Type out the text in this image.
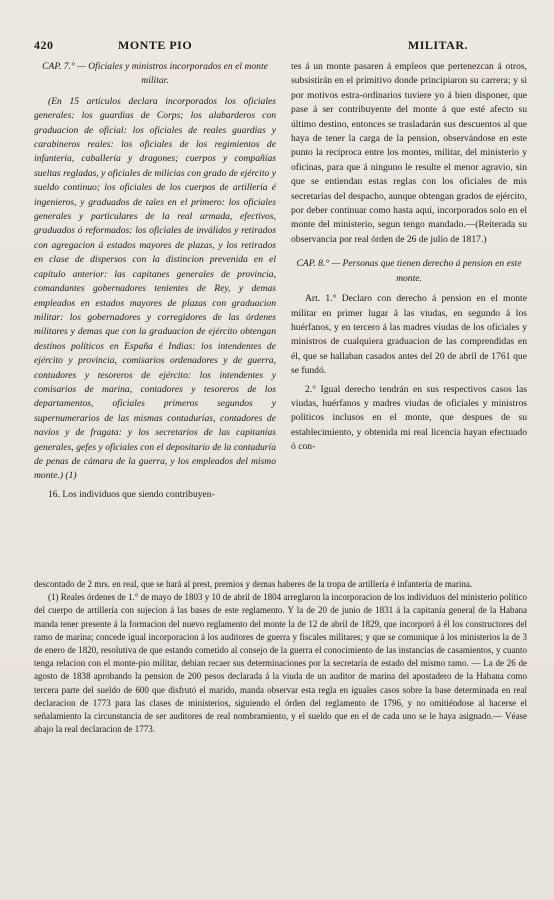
420	MONTE PIO	MILITAR.

CAP. 7.° — Oficiales y ministros incorporados en el monte militar.

(En 15 artículos declara incorporados los oficiales generales: los guardias de Corps; los alabarderos con graduacion de oficial: los oficiales de reales guardias y carabineros reales: los oficiales de los regimientos de infantería, caballería y dragones; cuerpos y compañías sueltas regladas, y oficiales de milicias con grado de ejército y sueldo continuo; los oficiales de los cuerpos de artillería é ingenieros, y graduados de tales en el primero: los oficiales generales y particulares de la real armada, efectivos, graduados ó reformados: los oficiales de inválidos y retirados con agregacion á estados mayores de plazas, y los retirados en clase de dispersos con la distincion prevenida en el capítulo anterior: las capitanes generales de provincia, comandantes gobernadores tenientes de Rey, y demas empleados en estados mayores de plazas con graduacion militar: los gobernadores y corregidores de las órdenes militares y demas que con la graduacion de ejército obtengan destinos políticos en España é Indias: los intendentes de ejército y provincia, comisarios ordenadores y de guerra, contadores y tesoreros de ejército: los intendentes y comisarios de marina, contadores y tesoreros de los departamentos, oficiales primeros segundos y supernumerarios de las mismas contadurías, contadores de navíos y de fragata: y los secretarios de las capitanías generales, gefes y oficiales con el depositario de la contaduría de penas de cámara de la guerra, y los empleados del mismo monte.) (1)

16. Los individuos que siendo contribuyen-

tes á un monte pasaren á empleos que pertenezcan á otros, subsistirán en el primitivo donde principiaron su carrera; y si por motivos estra-ordinarios tuviere yo á bien disponer, que pase á ser contribuyente del monte á que esté afecto su último destino, entonces se trasladarán sus descuentos al que haya de tener la carga de la pension, observándose en este punto la recíproca entre los montes, militar, del ministerio y oficinas, para que á ninguno le resulte el menor agravio, sin que se entiendan estas reglas con los oficiales de mis secretarías del despacho, aunque obtengan grados de ejército, por deber continuar como hasta aquí, incorporados solo en el monte del ministerio, segun tengo mandado.—(Reiterada su observancia por real órden de 26 de julio de 1817.)

CAP. 8.° — Personas que tienen derecho á pension en este monte.

Art. 1.° Declaro con derecho á pension en el monte militar en primer lugar á las viudas, en segundo á los huérfanos, y en tercero á las madres viudas de los oficiales y ministros de cualquiera graduacion de las comprendidas en él, que se hallaban casados antes del 20 de abril de 1761 que se fundó.

2.° Igual derecho tendrán en sus respectivos casos las viudas, huérfanos y madres viudas de oficiales y ministros políticos inclusos en el monte, que despues de su establecimiento, y obtenida mi real licencia hayan efectuado ó con-

descontado de 2 mrs. en real, que se hará al prest, premios y demas haberes de la tropa de artillería é infantería de marina.

(1) Reales órdenes de 1.° de mayo de 1803 y 10 de abril de 1804 arreglaron la incorporacion de los individuos del ministerio político del cuerpo de artillería con sujecion á las bases de este reglamento. Y la de 20 de junio de 1831 á la capitanía general de la Habana manda tener presente á la formacion del nuevo reglamento del monte la de 12 de abril de 1829, que incorporó á él los constructores del ramo de marina; concede igual incorporacion á los auditores de guerra y fiscales militares; y que se comunique á los ministerios la de 3 de enero de 1820, resolutiva de que estando cometido al consejo de la guerra el conocimiento de las instancias de casamientos, y cuanto tenga relacion con el monte-pio militar, debian recaer sus determinaciones por la secretaría de estado del mismo ramo. — La de 26 de agosto de 1838 aprobando la pension de 200 pesos declarada á la viuda de un auditor de marina del apostadero de la Habana como tercera parte del sueldo de 600 que disfrutó el marido, manda observar esta regla en iguales casos sobre la base determinada en real declaracion de 1773 para las clases de ministerios, siguiendo el órden del reglamento de 1796, y no omitiéndose al hacerse el señalamiento la circunstancia de ser auditores de real nombramiento, y el sueldo que en el de cada uno se le haya asignado.— Véase abajo la real declaracion de 1773.
